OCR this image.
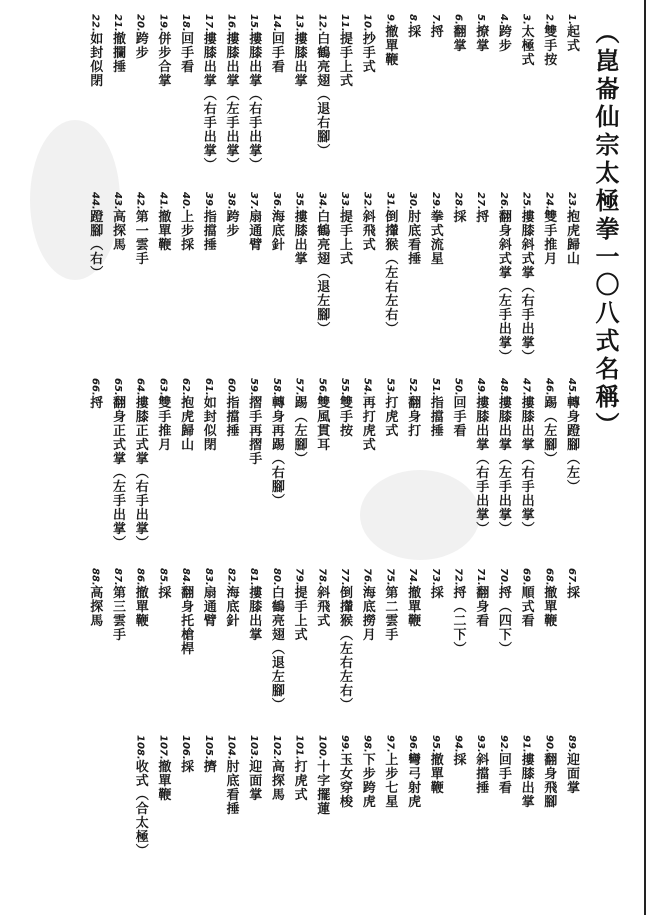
（崑崙仙宗太極拳一〇八式名稱）
1.起式
2.雙手按
3.太極式
4.跨步
5.撩掌
6.翻掌
7.捋
8.採
9.撤單鞭
10.抄手式
11.提手上式
12.白鶴亮翅（退右腳）
13.摟膝出掌
14.回手看
15.摟膝出掌（右手出掌）
16.摟膝出掌（左手出掌）
17.摟膝出掌（右手出掌）
18.回手看
19.併步合掌
20.跨步
21.撤攔捶
22.如封似閉
23.抱虎歸山
24.雙手推月
25.摟膝斜式掌（右手出掌）
26.翻身斜式掌（左手出掌）
27.捋
28.採
29.拳式流星
30.肘底看捶
31.倒攆猴（左右左右）
32.斜飛式
33.提手上式
34.白鶴亮翅（退左腳）
35.摟膝出掌
36.海底針
37.扇通臂
38.跨步
39.指擋捶
40.上步採
41.撤單鞭
42.第一雲手
43.高探馬
44.蹬腳（右）
45.轉身蹬腳（左）
46.踢（左腳）
47.摟膝出掌（右手出掌）
48.摟膝出掌（左手出掌）
49.摟膝出掌（右手出掌）
50.回手看
51.指擋捶
52.翻身打
53.打虎式
54.再打虎式
55.雙手按
56.雙風貫耳
57.踢（左腳）
58.轉身再踢（右腳）
59.摺手再摺手
60.指擋捶
61.如封似閉
62.抱虎歸山
63.雙手推月
64.摟膝正式掌（右手出掌）
65.翻身正式掌（左手出掌）
66.捋
67.採
68.撤單鞭
69.順式看
70.捋（四下）
71.翻身看
72.捋（二下）
73.採
74.撤單鞭
75.第二雲手
76.海底撈月
77.倒攆猴（左右左右）
78.斜飛式
79.提手上式
80.白鶴亮翅（退左腳）
81.摟膝出掌
82.海底針
83.扇通臂
84.翻身托槍桿
85.採
86.撤單鞭
87.第三雲手
88.高探馬
89.迎面掌
90.翻身飛腳
91.摟膝出掌
92.回手看
93.斜擋捶
94.採
95.撤單鞭
96.彎弓射虎
97.上步七星
98.下步跨虎
99.玉女穿梭
100.十字擺蓮
101.打虎式
102.高探馬
103.迎面掌
104.肘底看捶
105.擠
106.採
107.撤單鞭
108.收式（合太極）
